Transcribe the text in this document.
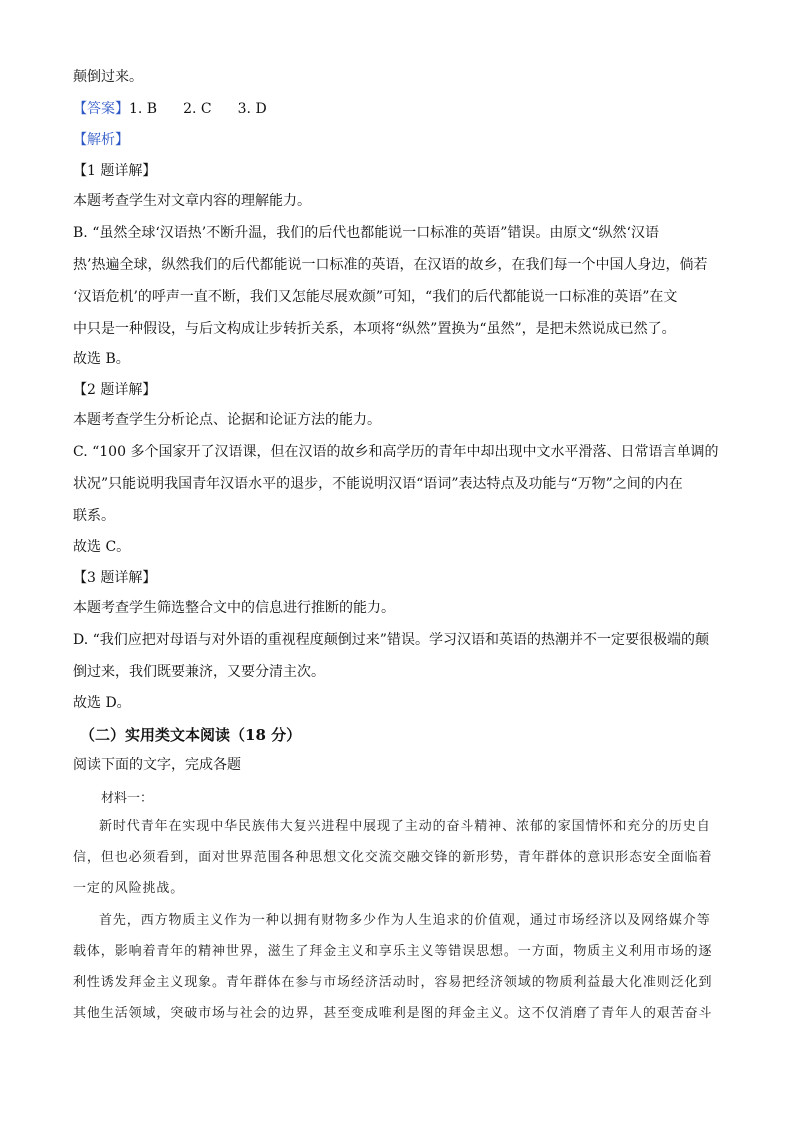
颠倒过来。
【答案】1. B 2. C 3. D
【解析】
【1 题详解】
本题考查学生对文章内容的理解能力。
B. “虽然全球‘汉语热’不断升温，我们的后代也都能说一口标准的英语”错误。由原文“纵然‘汉语
热’热遍全球，纵然我们的后代都能说一口标准的英语，在汉语的故乡，在我们每一个中国人身边，倘若
‘汉语危机’的呼声一直不断，我们又怎能尽展欢颜”可知，“我们的后代都能说一口标准的英语”在文
中只是一种假设，与后文构成让步转折关系，本项将“纵然”置换为“虽然”，是把未然说成已然了。
故选 B。
【2 题详解】
本题考查学生分析论点、论据和论证方法的能力。
C. “100 多个国家开了汉语课，但在汉语的故乡和高学历的青年中却出现中文水平滑落、日常语言单调的
状况”只能说明我国青年汉语水平的退步，不能说明汉语“语词”表达特点及功能与“万物”之间的内在
联系。
故选 C。
【3 题详解】
本题考查学生筛选整合文中的信息进行推断的能力。
D. “我们应把对母语与对外语的重视程度颠倒过来”错误。学习汉语和英语的热潮并不一定要很极端的颠
倒过来，我们既要兼济，又要分清主次。
故选 D。
（二）实用类文本阅读（18 分）
阅读下面的文字，完成各题
材料一：
新时代青年在实现中华民族伟大复兴进程中展现了主动的奋斗精神、浓郁的家国情怀和充分的历史自
信，但也必须看到，面对世界范围各种思想文化交流交融交锋的新形势，青年群体的意识形态安全面临着
一定的风险挑战。
首先，西方物质主义作为一种以拥有财物多少作为人生追求的价值观，通过市场经济以及网络媒介等
载体，影响着青年的精神世界，滋生了拜金主义和享乐主义等错误思想。一方面，物质主义利用市场的逐
利性诱发拜金主义现象。青年群体在参与市场经济活动时，容易把经济领域的物质利益最大化准则泛化到
其他生活领域，突破市场与社会的边界，甚至变成唯利是图的拜金主义。这不仅消磨了青年人的艰苦奋斗
